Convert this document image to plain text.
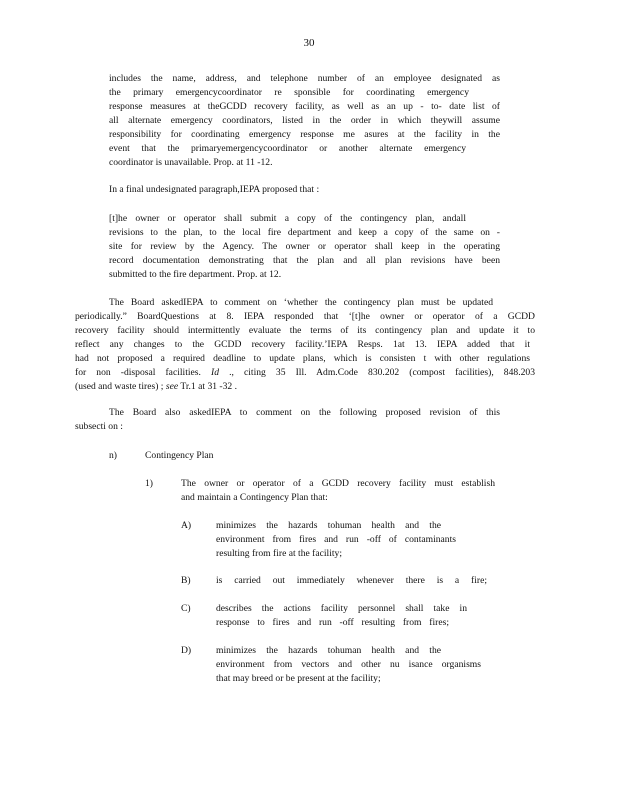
30
includes the name, address, and telephone number of an employee designated as
the primary emergencycoordinator re sponsible for coordinating emergency
response measures at theGCDD recovery facility, as well as an up - to- date list of
all alternate emergency coordinators, listed in the order in which theywill assume
responsibility for coordinating emergency response me asures at the facility in the
event that the primaryemergencycoordinator or another alternate emergency
coordinator is unavailable. Prop. at 11 -12.
In a final undesignated paragraph,IEPA proposed that :
[t]he owner or operator shall submit a copy of the contingency plan, andall
revisions to the plan, to the local fire department and keep a copy of the same on -
site for review by the Agency. The owner or operator shall keep in the operating
record documentation demonstrating that the plan and all plan revisions have been
submitted to the fire department. Prop. at 12.
The Board askedIEPA to comment on ‘whether the contingency plan must be updated
periodically.” BoardQuestions at 8. IEPA responded that ‘[t]he owner or operator of a GCDD
recovery facility should intermittently evaluate the terms of its contingency plan and update it to
reflect any changes to the GCDD recovery facility.’IEPA Resps. 1at 13. IEPA added that it
had not proposed a required deadline to update plans, which is consisten t with other regulations
for non -disposal facilities. Id ., citing 35 Ill. Adm.Code 830.202 (compost facilities), 848.203
(used and waste tires) ; see Tr.1 at 31 -32 .
The Board also askedIEPA to comment on the following proposed revision of this
subsecti on :
n)	Contingency Plan
1)	The owner or operator of a GCDD recovery facility must establish
and maintain a Contingency Plan that:
A)	minimizes the hazards tohuman health and the
environment from fires and run -off of contaminants
resulting from fire at the facility;
B)	is carried out immediately whenever there is a fire;
C)	describes the actions facility personnel shall take in
response to fires and run -off resulting from fires;
D)	minimizes the hazards tohuman health and the
environment from vectors and other nu isance organisms
that may breed or be present at the facility;
